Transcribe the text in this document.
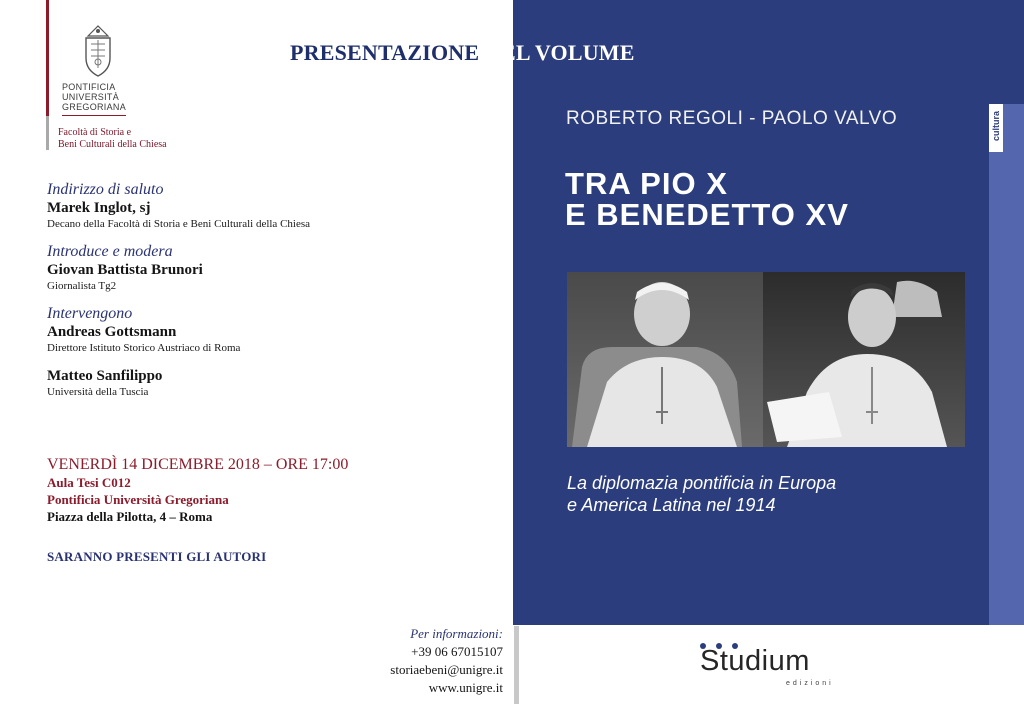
PONTIFICIA
UNIVERSITÀ
GREGORIANA
Facoltà di Storia e
Beni Culturali della Chiesa
PRESENTAZIONE DEL VOLUME
Indirizzo di saluto
Marek Inglot, sj
Decano della Facoltà di Storia e Beni Culturali della Chiesa
Introduce e modera
Giovan Battista Brunori
Giornalista Tg2
Intervengono
Andreas Gottsmann
Direttore Istituto Storico Austriaco di Roma
Matteo Sanfilippo
Università della Tuscia
VENERDÌ 14 DICEMBRE 2018 – ORE 17:00
Aula Tesi C012
Pontificia Università Gregoriana
Piazza della Pilotta, 4 – Roma
SARANNO PRESENTI GLI AUTORI
Per informazioni:
+39 06 67015107
storiaebeni@unigre.it
www.unigre.it
cultura
ROBERTO REGOLI - PAOLO VALVO
TRA PIO X
E BENEDETTO XV
La diplomazia pontificia in Europa
e America Latina nel 1914
Studium
edizioni
